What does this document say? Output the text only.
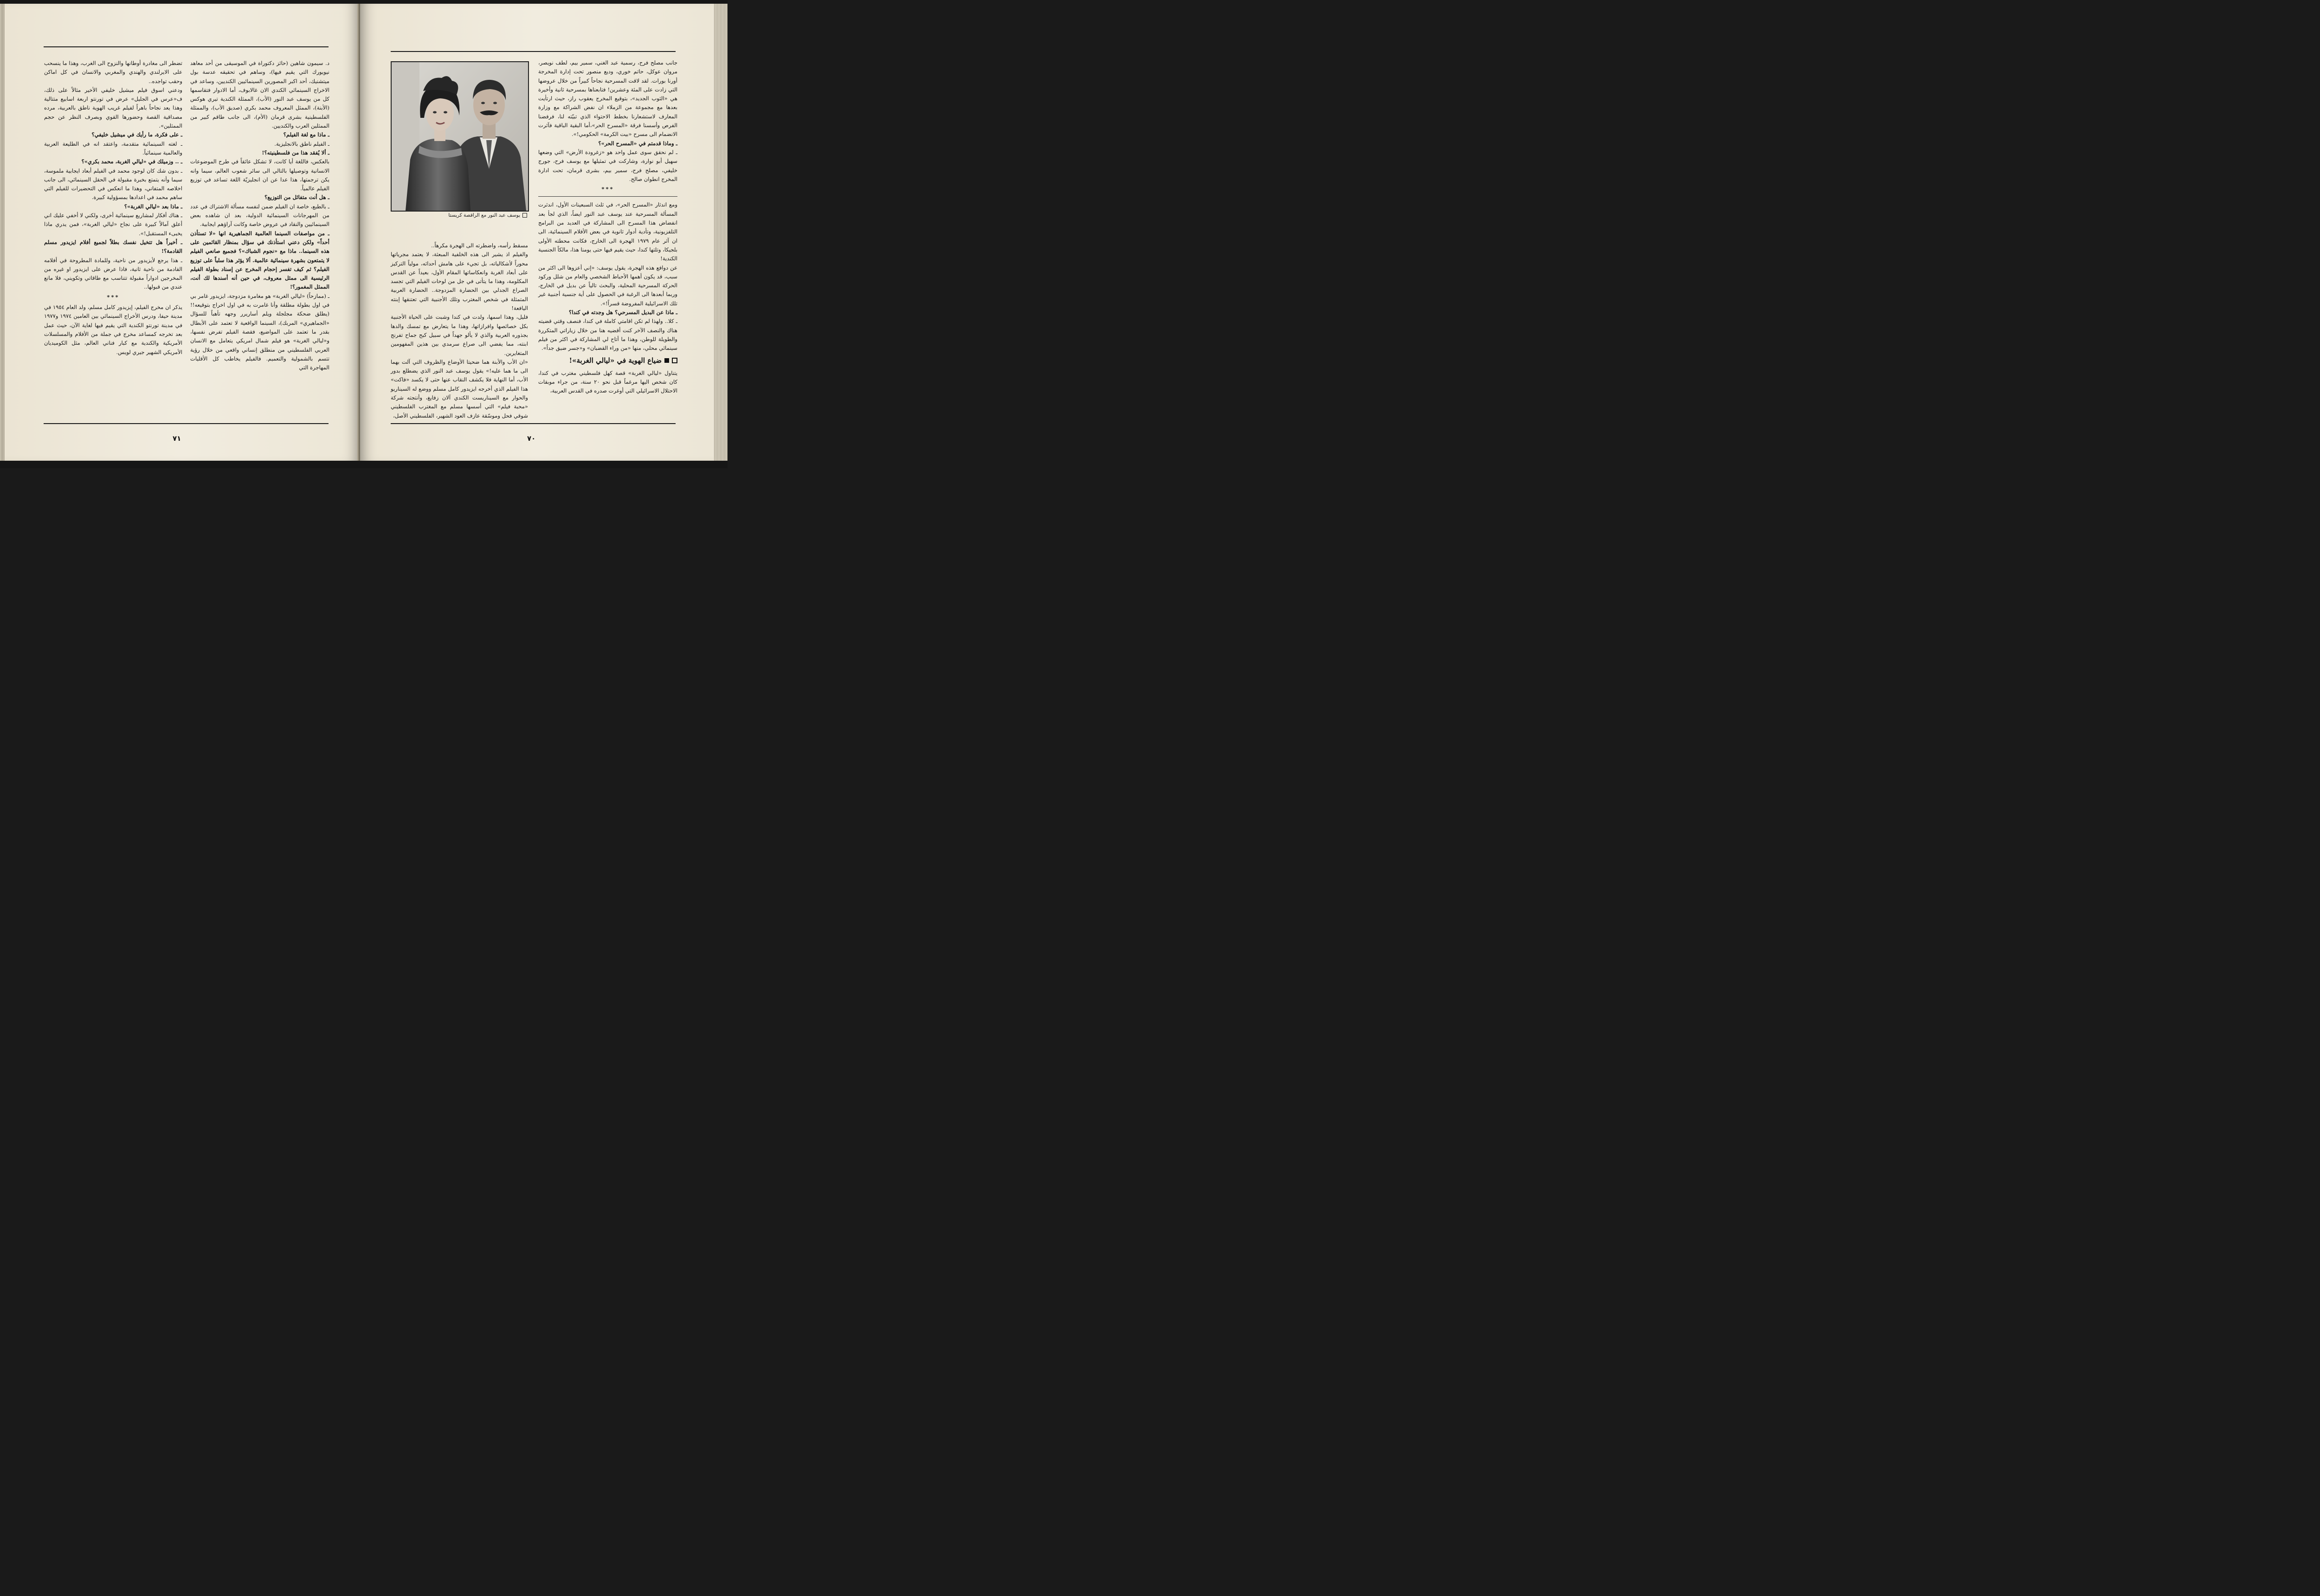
د. سيمون شاهين (حائز دكتوراة في الموسيقى من أحد معاهد نيويورك التي يقيم فيها)، وساهم في تحقيقه عدسة بول ميتشنيك، أحد اكبر المصورين السينمائيين الكنديين، وساعد في الاخراج السينمائي الكندي الان غالابوف، أما الادوار فتقاسمها كل من يوسف عبد النور (الأب)، الممثلة الكندية تيري هوكس (الأبنة)، الممثل المعروف محمد بكري (صديق الأب)، والممثلة الفلسطينية بشرى قرمان (الأم)، الى جانب طاقم كبير من الممثلين العرب والكنديين.

ـ ماذا مع لغة الفيلم؟

ـ الفيلم ناطق بالانجليزية.

ـ ألا يُفقد هذا من فلسطينيته؟!

بالعكس، فاللغة أيا كانت، لا تشكل عائقاً في طرح الموضوعات الانسانية وتوصيلها بالتالي الى سائر شعوب العالم، سيما وانه يكن ترجمتها، هذا عدا عن ان انجليزيّة اللغة تساعد في توزيع الفيلم عالمياً.

ـ هل أنت متفائل من التوزيع؟

ـ بالطبع، خاصة ان الفيلم ضمن لنفسه مسألة الاشتراك في عدد من المهرجانات السينمائية الدولية، بعد ان شاهده بعض السينمائيين والنقاد في عروض خاصة وكانت آراؤهم ايجابية.

ـ من مواصفات السينما العالمية الجماهيرية انها «لا تستأذن أحداً» ولكن دعني استأذنك في سؤال بمنظار القائمين على هذه السينما.. ماذا مع «نجوم الشباك»؟ فجميع صانعي الفيلم لا يتمتعون بشهرة سينمائية عالمية. ألا يؤثر هذا سلباً على توزيع الفيلم؟ ثم كيف تفسر إحجام المخرج عن إسناد بطولة الفيلم الرئيسية الى ممثل معروف، في حين أنه أسندها لك أنت، الممثل المغمور؟!

ـ (ممازحاً) «ليالي الغربة» هو مغامرة مزدوجة، ايزيدور غامر بي في اول بطولة مطلقة وأنا غامرت به في اول اخراج بتوقيعه!! (يطلق ضحكة مجلجلة ويلم أساريرر وجهه تأهباً للسؤال «الجماهيري» المربك)، السينما الواقعية لا تعتمد على الأبطال بقدر ما تعتمد على المواضيع، فقصة الفيلم تفرض نفسها، و«ليالي الغربة» هو فيلم شمال امريكي يتعامل مع الانسان العربي الفلسطيني من منطلق إنساني واقعي من خلال رؤية تتسم بالشمولية والتعميم. فالفيلم يخاطب كل الأقليات المهاجرة التي

تضطر الى مغادرة أوطانها والنزوح الى الغرب، وهذا ما ينسحب على الايرلندي والهندي والمغربي والانسان في كل اماكن وحقب تواجده..

ودعني اسوق فيلم ميشيل خليفي الأخير مثالاً على ذلك، ف«عرس في الجليل» عرض في تورنتو اربعة اسابيع متتالية وهذا يعد نجاحاً باهراً لفيلم غريب الهوية ناطق بالعربية، مرده مصداقية القصة وحضورها القوي وبصرف النظر عن حجم الممثلين».

ـ على فكرة، ما رأيك في ميشيل خليفي؟

ـ لغته السينمائية متقدمة، واعتقد انه في الطليعة العربية والعالمية سينمائياً.

ـ .. وزميلك في «ليالي الغربة، محمد بكري»؟

ـ بدون شك كان لوجود محمد في الفيلم أبعاد ايجابية ملموسة، سيما وأنه يتمتع بخبرة مقبولة في الحقل السينمائي، الى جانب اخلاصه المتفاني، وهذا ما انعكس في التحضيرات للفيلم التي ساهم محمد في اعدادها بمسؤولية كبيرة.

ـ ماذا بعد «ليالي الغربة»؟

ـ هناك أفكار لمشاريع سينمائية أخرى، ولكني لا أخفي عليك اني أعلق آمالاً كبيرة على نجاح «ليالي الغربة»، فمن يدري ماذا يخبىء المستقبل!».

ـ أخيراً هل تتخيل نفسك بطلاً لجميع أفلام ايزيدور مسلم القادمة؟!

ـ هذا يرجع لأيزيدور من ناحية، وللمادة المطروحة في أفلامه القادمة من ناحية ثانية، فاذا عرض على ايزيدور او غيره من المخرجين ادواراً مقبولة تتناسب مع طاقاتي وتكويني، فلا مانع عندي من قبولها..

***

يذكر ان مخرج الفيلم، إيزيدور كامل مسلم، ولد العام ١٩٥٤ في مدينة حيفا، ودرس الأخراج السينمائي بين العامين ١٩٧٤ و١٩٧٧ في مدينة تورنتو الكندية التي يقيم فيها لغاية الآن، حيث عمل بعد تخرجه كمساعد مخرج في جملة من الأفلام والمسلسلات الأمريكية والكندية مع كبار فناني العالم، مثل الكوميديان الأمريكي الشهير جيري لويس.

٧١
يوسف عبد النور مع الراقصة كريستا

جانب مصلح فرح، رسمية عبد الغني، سمير بيم، لطف نويصر، مروان عوكل، حاتم خوري، وديع منصور تحت إدارة المخرجة أورنا بورات. لقد لاقت المسرحية نجاحاً كبيراً من خلال عروضها التي زادت على المئة وعشرين! فتابعناها بمسرحية ثانية وأخيرة هي «الثوب الجديد»، بتوقيع المخرج يعقوب راز، حيث ارتأيت بعدها مع مجموعة من الزملاء ان نفض الشراكة مع وزارة المعارف لاستشعارنا بخطط الاحتواء الذي تبيّته لنا، فرفضنا الفرص وأسسنا فرقة «المسرح الحر»،أما البقية الباقية فآثرت الانضمام الى مسرح «بيت الكرمة» الحكومي!».

ـ وماذا قدمتم في «المسرح الحر»؟

ـ لم نحقق سوى عمل واحد هو «زغرودة الأرض» التي وضعها سهيل أبو نوارة، وشاركت في تمثيلها مع يوسف فرح، جورج خليفي، مصلح فرح، سمير بيم، بشرى قرمان، تحت ادارة المخرج انطوان صالح.

***

ومع اندثار «المسرح الحر»، في ثلث السبعينات الأول، اندثرت المسألة المسرحية عند يوسف عبد النور ايضاً، الذي لجأ بعد انفضاض هذا المسرح الى المشاركة في العديد من البرامج التلفزيونية، وتأدية أدوار ثانوية في بعض الأفلام السينمائية، الى ان آثر عام ١٩٧٩ الهجرة الى الخارج، فكانت محطته الأولى بلجيكا، وتلتها كندا، حيث يقيم فيها حتى يومنا هذا، مالكاً الجنسية الكندية!

عن دوافع هذه الهجرة، يقول يوسف: «إني أعزوها الى اكثر من سبب، قد يكون أهمها الأحباط الشخصي والعام من شلل وركود الحركة المسرحية المحلية، والبحث تالياً عن بديل في الخارج، وربما أبعدها الى الرغبة في الحصول على أية جنسية أجنبية غير تلك الاسرائيلية المفروضة قسراً!».

ـ ماذا عن البديل المسرحي؟ هل وجدته في كندا؟

ـ كلا.. ولهذا لم تكن اقامتي كاملة في كندا، فنصف وقتي قضيته هناك والنصف الآخر كنت أقضيه هنا من خلال زياراتي المتكررة والطويلة للوطن، وهذا ما أتاح لي المشاركة في اكثر من فيلم سينمائي محلي، منها «من وراء القضبان» و«جسر ضيق جداً».

ضياع الهوية في «ليالي الغربة»!

يتناول «ليالي الغربة» قصة كهل فلسطيني مغترب في كندا، كان شخص اليها مرغماً قبل نحو ٢٠ سنة، من جراء موبقات الاحتلال الاسرائيلي التي أوغرت صدره في القدس العربية،

مسقط رأسه، واضطرته الى الهجرة مكرهاً..

والفيلم اذ يشير الى هذه الخلفية المبعثة، لا يعتمد مجرياتها محوراً لأشكالياته، بل تجيء على هامش أحداثه، مولياً التركيز على أبعاد الغربة وانعكاساتها المقام الأول، بعيداً عن القدس المكلومة، وهذا ما يتأتى في جل من لوحات الفيلم التي تجسد الصراع الجدلي بين الحضارة المزدوجة.. الحضارة العربية المتمثلة في شخص المغترب وتلك الأجنبية التي تعتنقها إبنته اليافعة!

فليل، وهذا اسمها، ولدت في كندا وشبت على الحياة الأجنبية بكل خصائصها وافرازاتها، وهذا ما يتعارض مع تمسك والدها بجذوره العربية والذي لا يألو جهداً في سبيل كبح جماح تفرنج ابنته، مما يفضي الى صراع سرمدي بين هذين المفهومين المتغايرين.

«ان الأب والأبنة هما ضحيتا الأوضاع والظروف التي آلت بهما الى ما هما عليه!» يقول يوسف عبد النور الذي يضطلع بدور الأب، أما النهاية فلا يكشف النقاب عنها حتى لا يكسد «فاكت» هذا الفيلم الذي أخرجه ايزيدور كامل مسلم ووضع له السيناريو والحوار مع السيناريست الكندي آلان زفايغ، وأنتجته شركة «محبة فيلم» التي أسسها مسلم مع المغترب الفلسطيني شوقي فحل وموسّقة عازف العود الشهير، الفلسطيني الأصل،

٧٠
